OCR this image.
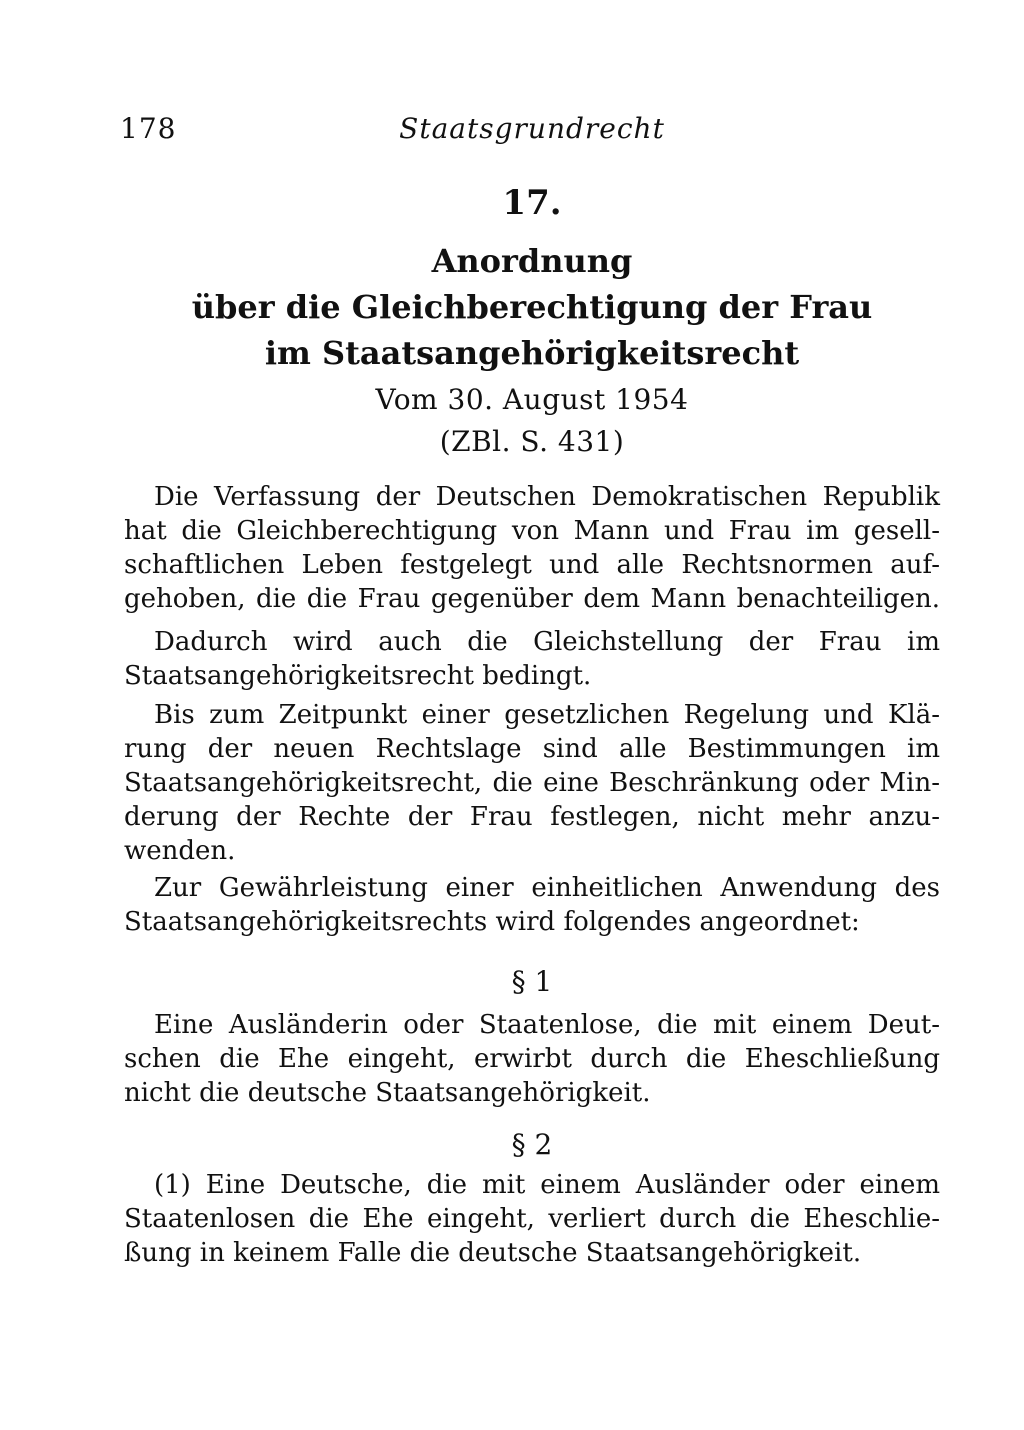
178	Staatsgrundrecht
17.
Anordnung
über die Gleichberechtigung der Frau
im Staatsangehörigkeitsrecht
Vom 30. August 1954
(ZBl. S. 431)
Die Verfassung der Deutschen Demokratischen Republik
hat die Gleichberechtigung von Mann und Frau im gesell-
schaftlichen Leben festgelegt und alle Rechtsnormen auf-
gehoben, die die Frau gegenüber dem Mann benachteiligen.
Dadurch wird auch die Gleichstellung der Frau im
Staatsangehörigkeitsrecht bedingt.
Bis zum Zeitpunkt einer gesetzlichen Regelung und Klä-
rung der neuen Rechtslage sind alle Bestimmungen im
Staatsangehörigkeitsrecht, die eine Beschränkung oder Min-
derung der Rechte der Frau festlegen, nicht mehr anzu-
wenden.
Zur Gewährleistung einer einheitlichen Anwendung des
Staatsangehörigkeitsrechts wird folgendes angeordnet:
§ 1
Eine Ausländerin oder Staatenlose, die mit einem Deut-
schen die Ehe eingeht, erwirbt durch die Eheschließung
nicht die deutsche Staatsangehörigkeit.
§ 2
(1) Eine Deutsche, die mit einem Ausländer oder einem
Staatenlosen die Ehe eingeht, verliert durch die Eheschlie-
ßung in keinem Falle die deutsche Staatsangehörigkeit.
